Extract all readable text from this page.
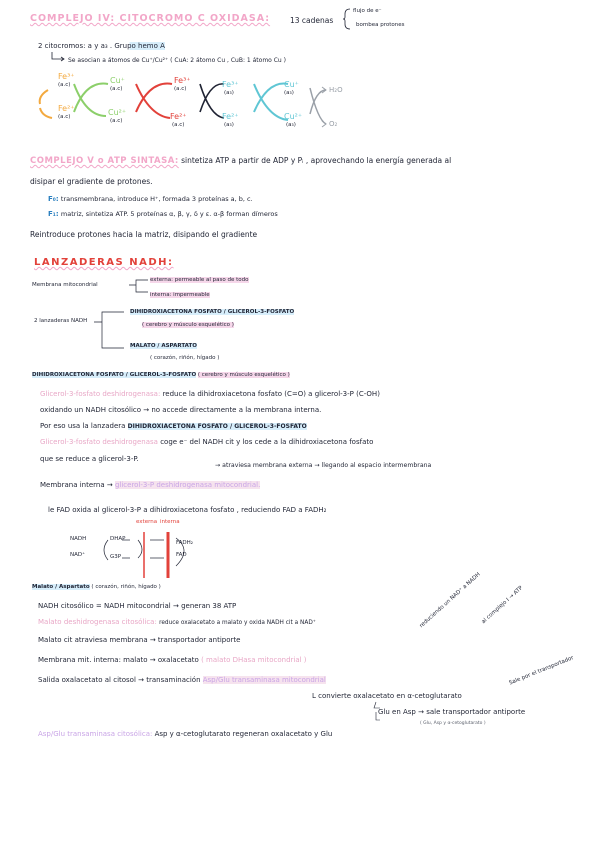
COMPLEJO IV: CITOCROMO C OXIDASA:	13 cadenas
flujo de e⁻
bombea protones
2 citocromos: a y a₃ . Grupo hemo A
Se asocian a átomos de Cu⁺/Cu²⁺ ( CuA: 2 átomo Cu , CuB: 1 átomo Cu )
Fe³⁺
(a.c)
Fe²⁺
(a.c)
Cu⁺
(a.c)
Cu²⁺
(a.c)
Fe³⁺
(a.c)
Fe²⁺
(a.c)
Fe³⁺
(a₃)
Fe²⁺
(a₃)
Cu⁺
(a₃)
Cu²⁺
(a₃)
H₂O
O₂
COMPLEJO V o ATP SINTASA: sintetiza ATP a partir de ADP y Pᵢ , aprovechando la energía generada al
disipar el gradiente de protones.
F₀: transmembrana, introduce H⁺, formada 3 proteínas a, b, c.
F₁: matriz, sintetiza ATP. 5 proteínas α, β, γ, δ y ε. α-β forman dímeros
Reintroduce protones hacia la matriz, disipando el gradiente
LANZADERAS NADH:
Membrana mitocondrial
externa: permeable al paso de todo
interna: impermeable
2 lanzaderas NADH
DIHIDROXIACETONA FOSFATO / GLICEROL-3-FOSFATO
( cerebro y músculo esquelético )
MALATO / ASPARTATO
( corazón, riñón, hígado )
DIHIDROXIACETONA FOSFATO / GLICEROL-3-FOSFATO ( cerebro y músculo esquelético )
Glicerol-3-fosfato deshidrogenasa: reduce la dihidroxiacetona fosfato (C=O) a glicerol-3-P (C-OH)
oxidando un NADH citosólico → no accede directamente a la membrana interna.
Por eso usa la lanzadera DIHIDROXIACETONA FOSFATO / GLICEROL-3-FOSFATO
Glicerol-3-fosfato deshidrogenasa coge e⁻ del NADH cit y los cede a la dihidroxiacetona fosfato
que se reduce a glicerol-3-P.
→ atraviesa membrana externa → llegando al espacio intermembrana
Membrana interna → glicerol-3-P deshidrogenasa mitocondrial.
le FAD oxida al glicerol-3-P a dihidroxiacetona fosfato , reduciendo FAD a FADH₂
NADH
NAD⁺
DHAP
G3P
externa interna
FADH₂
FAD
Malato / Aspartato ( corazón, riñón, hígado )
NADH citosólico = NADH mitocondrial → generan 38 ATP
Malato deshidrogenasa citosólica: reduce oxalacetato a malato y oxida NADH cit a NAD⁺
Malato cit atraviesa membrana → transportador antiporte
Membrana mit. interna: malato → oxalacetato ( malato DHasa mitocondrial )
Salida oxalacetato al citosol → transaminación Asp/Glu transaminasa mitocondrial
L convierte oxalacetato en α-cetoglutarato
Glu en Asp → sale transportador antiporte
( Glu, Asp y α-cetoglutarato )
Asp/Glu transaminasa citosólica: Asp y α-cetoglutarato regeneran oxalacetato y Glu
reduciendo un NAD⁺ a NADH
al complejo I → ATP
Sale por el transportador
